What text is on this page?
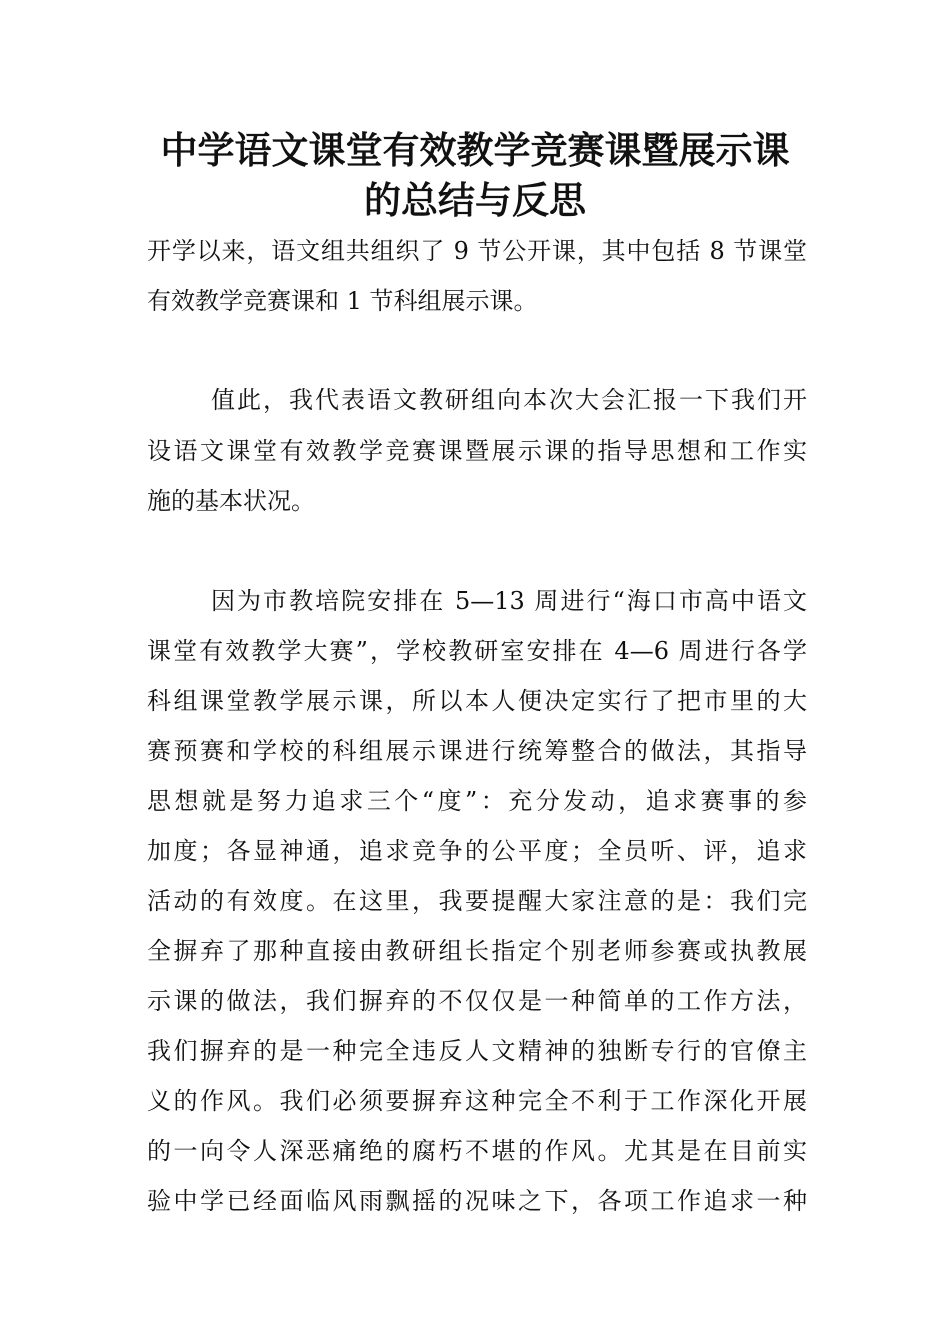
中学语文课堂有效教学竞赛课暨展示课
的总结与反思
开学以来，语文组共组织了 9 节公开课，其中包括 8 节课堂
有效教学竞赛课和 1 节科组展示课。
值此，我代表语文教研组向本次大会汇报一下我们开
设语文课堂有效教学竞赛课暨展示课的指导思想和工作实
施的基本状况。
因为市教培院安排在 5—13 周进行“海口市高中语文
课堂有效教学大赛”，学校教研室安排在 4—6 周进行各学
科组课堂教学展示课，所以本人便决定实行了把市里的大
赛预赛和学校的科组展示课进行统筹整合的做法，其指导
思想就是努力追求三个“度”：充分发动，追求赛事的参
加度；各显神通，追求竞争的公平度；全员听、评，追求
活动的有效度。在这里，我要提醒大家注意的是：我们完
全摒弃了那种直接由教研组长指定个别老师参赛或执教展
示课的做法，我们摒弃的不仅仅是一种简单的工作方法，
我们摒弃的是一种完全违反人文精神的独断专行的官僚主
义的作风。我们必须要摒弃这种完全不利于工作深化开展
的一向令人深恶痛绝的腐朽不堪的作风。尤其是在目前实
验中学已经面临风雨飘摇的况味之下，各项工作追求一种
